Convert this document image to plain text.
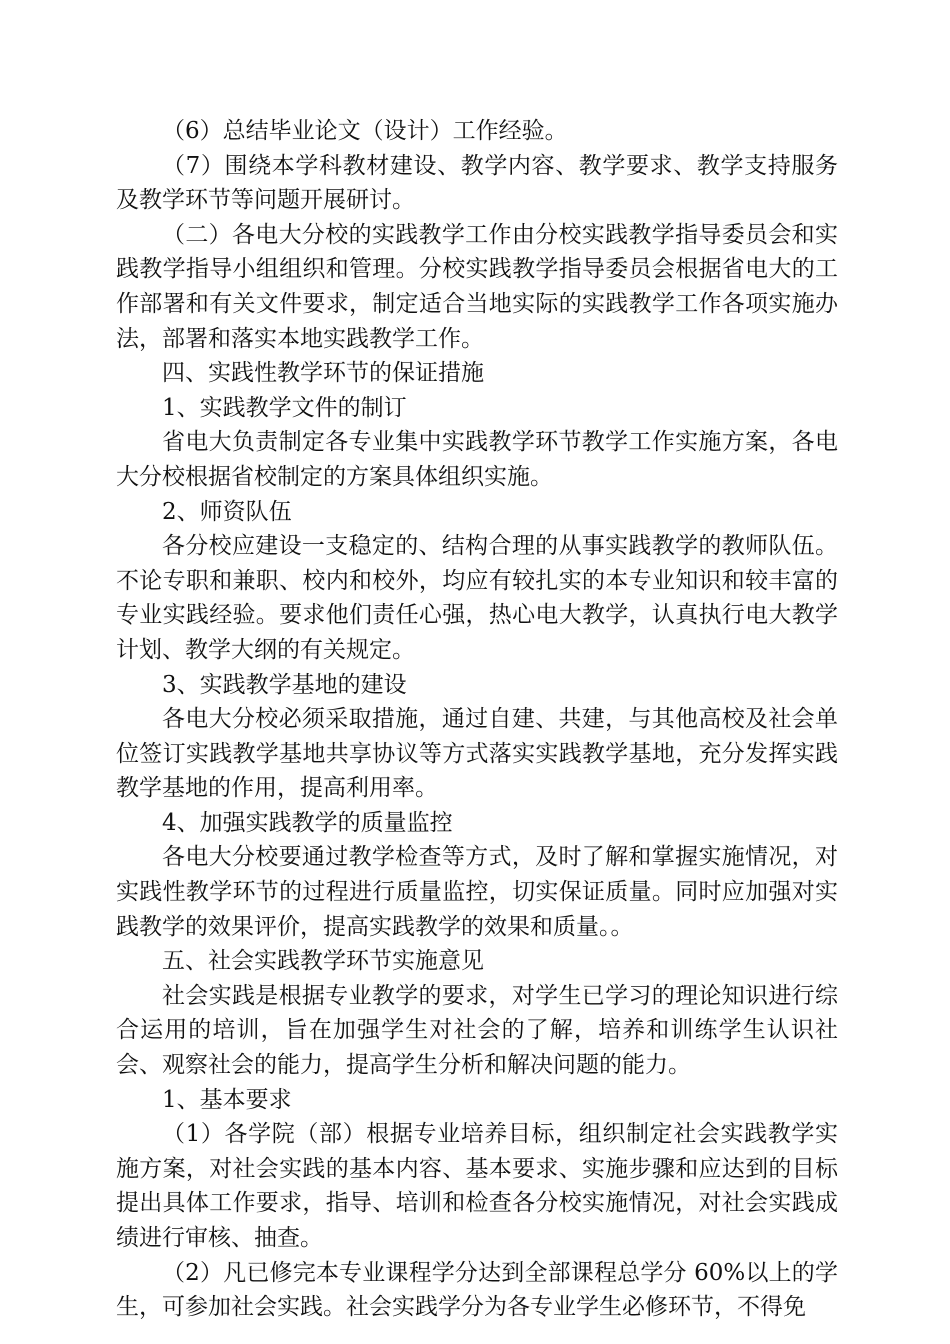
（6）总结毕业论文（设计）工作经验。

（7）围绕本学科教材建设、教学内容、教学要求、教学支持服务及教学环节等问题开展研讨。

（二）各电大分校的实践教学工作由分校实践教学指导委员会和实践教学指导小组组织和管理。分校实践教学指导委员会根据省电大的工作部署和有关文件要求，制定适合当地实际的实践教学工作各项实施办法，部署和落实本地实践教学工作。

四、实践性教学环节的保证措施

1、实践教学文件的制订

省电大负责制定各专业集中实践教学环节教学工作实施方案，各电大分校根据省校制定的方案具体组织实施。

2、师资队伍

各分校应建设一支稳定的、结构合理的从事实践教学的教师队伍。不论专职和兼职、校内和校外，均应有较扎实的本专业知识和较丰富的专业实践经验。要求他们责任心强，热心电大教学，认真执行电大教学计划、教学大纲的有关规定。

3、实践教学基地的建设

各电大分校必须采取措施，通过自建、共建，与其他高校及社会单位签订实践教学基地共享协议等方式落实实践教学基地，充分发挥实践教学基地的作用，提高利用率。

4、加强实践教学的质量监控

各电大分校要通过教学检查等方式，及时了解和掌握实施情况，对实践性教学环节的过程进行质量监控，切实保证质量。同时应加强对实践教学的效果评价，提高实践教学的效果和质量。。

五、社会实践教学环节实施意见

社会实践是根据专业教学的要求，对学生已学习的理论知识进行综合运用的培训，旨在加强学生对社会的了解，培养和训练学生认识社会、观察社会的能力，提高学生分析和解决问题的能力。

1、基本要求

（1）各学院（部）根据专业培养目标，组织制定社会实践教学实施方案，对社会实践的基本内容、基本要求、实施步骤和应达到的目标提出具体工作要求，指导、培训和检查各分校实施情况，对社会实践成绩进行审核、抽查。

（2）凡已修完本专业课程学分达到全部课程总学分 60%以上的学生，可参加社会实践。社会实践学分为各专业学生必修环节，不得免
